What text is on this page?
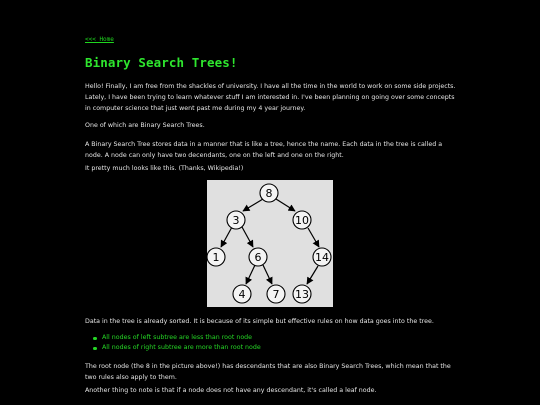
<<< Home
Binary Search Trees!

Hello! Finally, I am free from the shackles of university. I have all the time in the world to work on some side projects. Lately, I have been trying to learn whatever stuff I am interested in. I've been planning on going over some concepts in computer science that just went past me during my 4 year journey.

One of which are Binary Search Trees.

A Binary Search Tree stores data in a manner that is like a tree, hence the name. Each data in the tree is called a node. A node can only have two decendants, one on the left and one on the right.

It pretty much looks like this. (Thanks, Wikipedia!)

8
3	10
1	6	14
4 7 13

Data in the tree is already sorted. It is because of its simple but effective rules on how data goes into the tree.

All nodes of left subtree are less than root node
All nodes of right subtree are more than root node

The root node (the 8 in the picture above!) has descendants that are also Binary Search Trees, which mean that the two rules also apply to them.

Another thing to note is that if a node does not have any descendant, it's called a leaf node.
